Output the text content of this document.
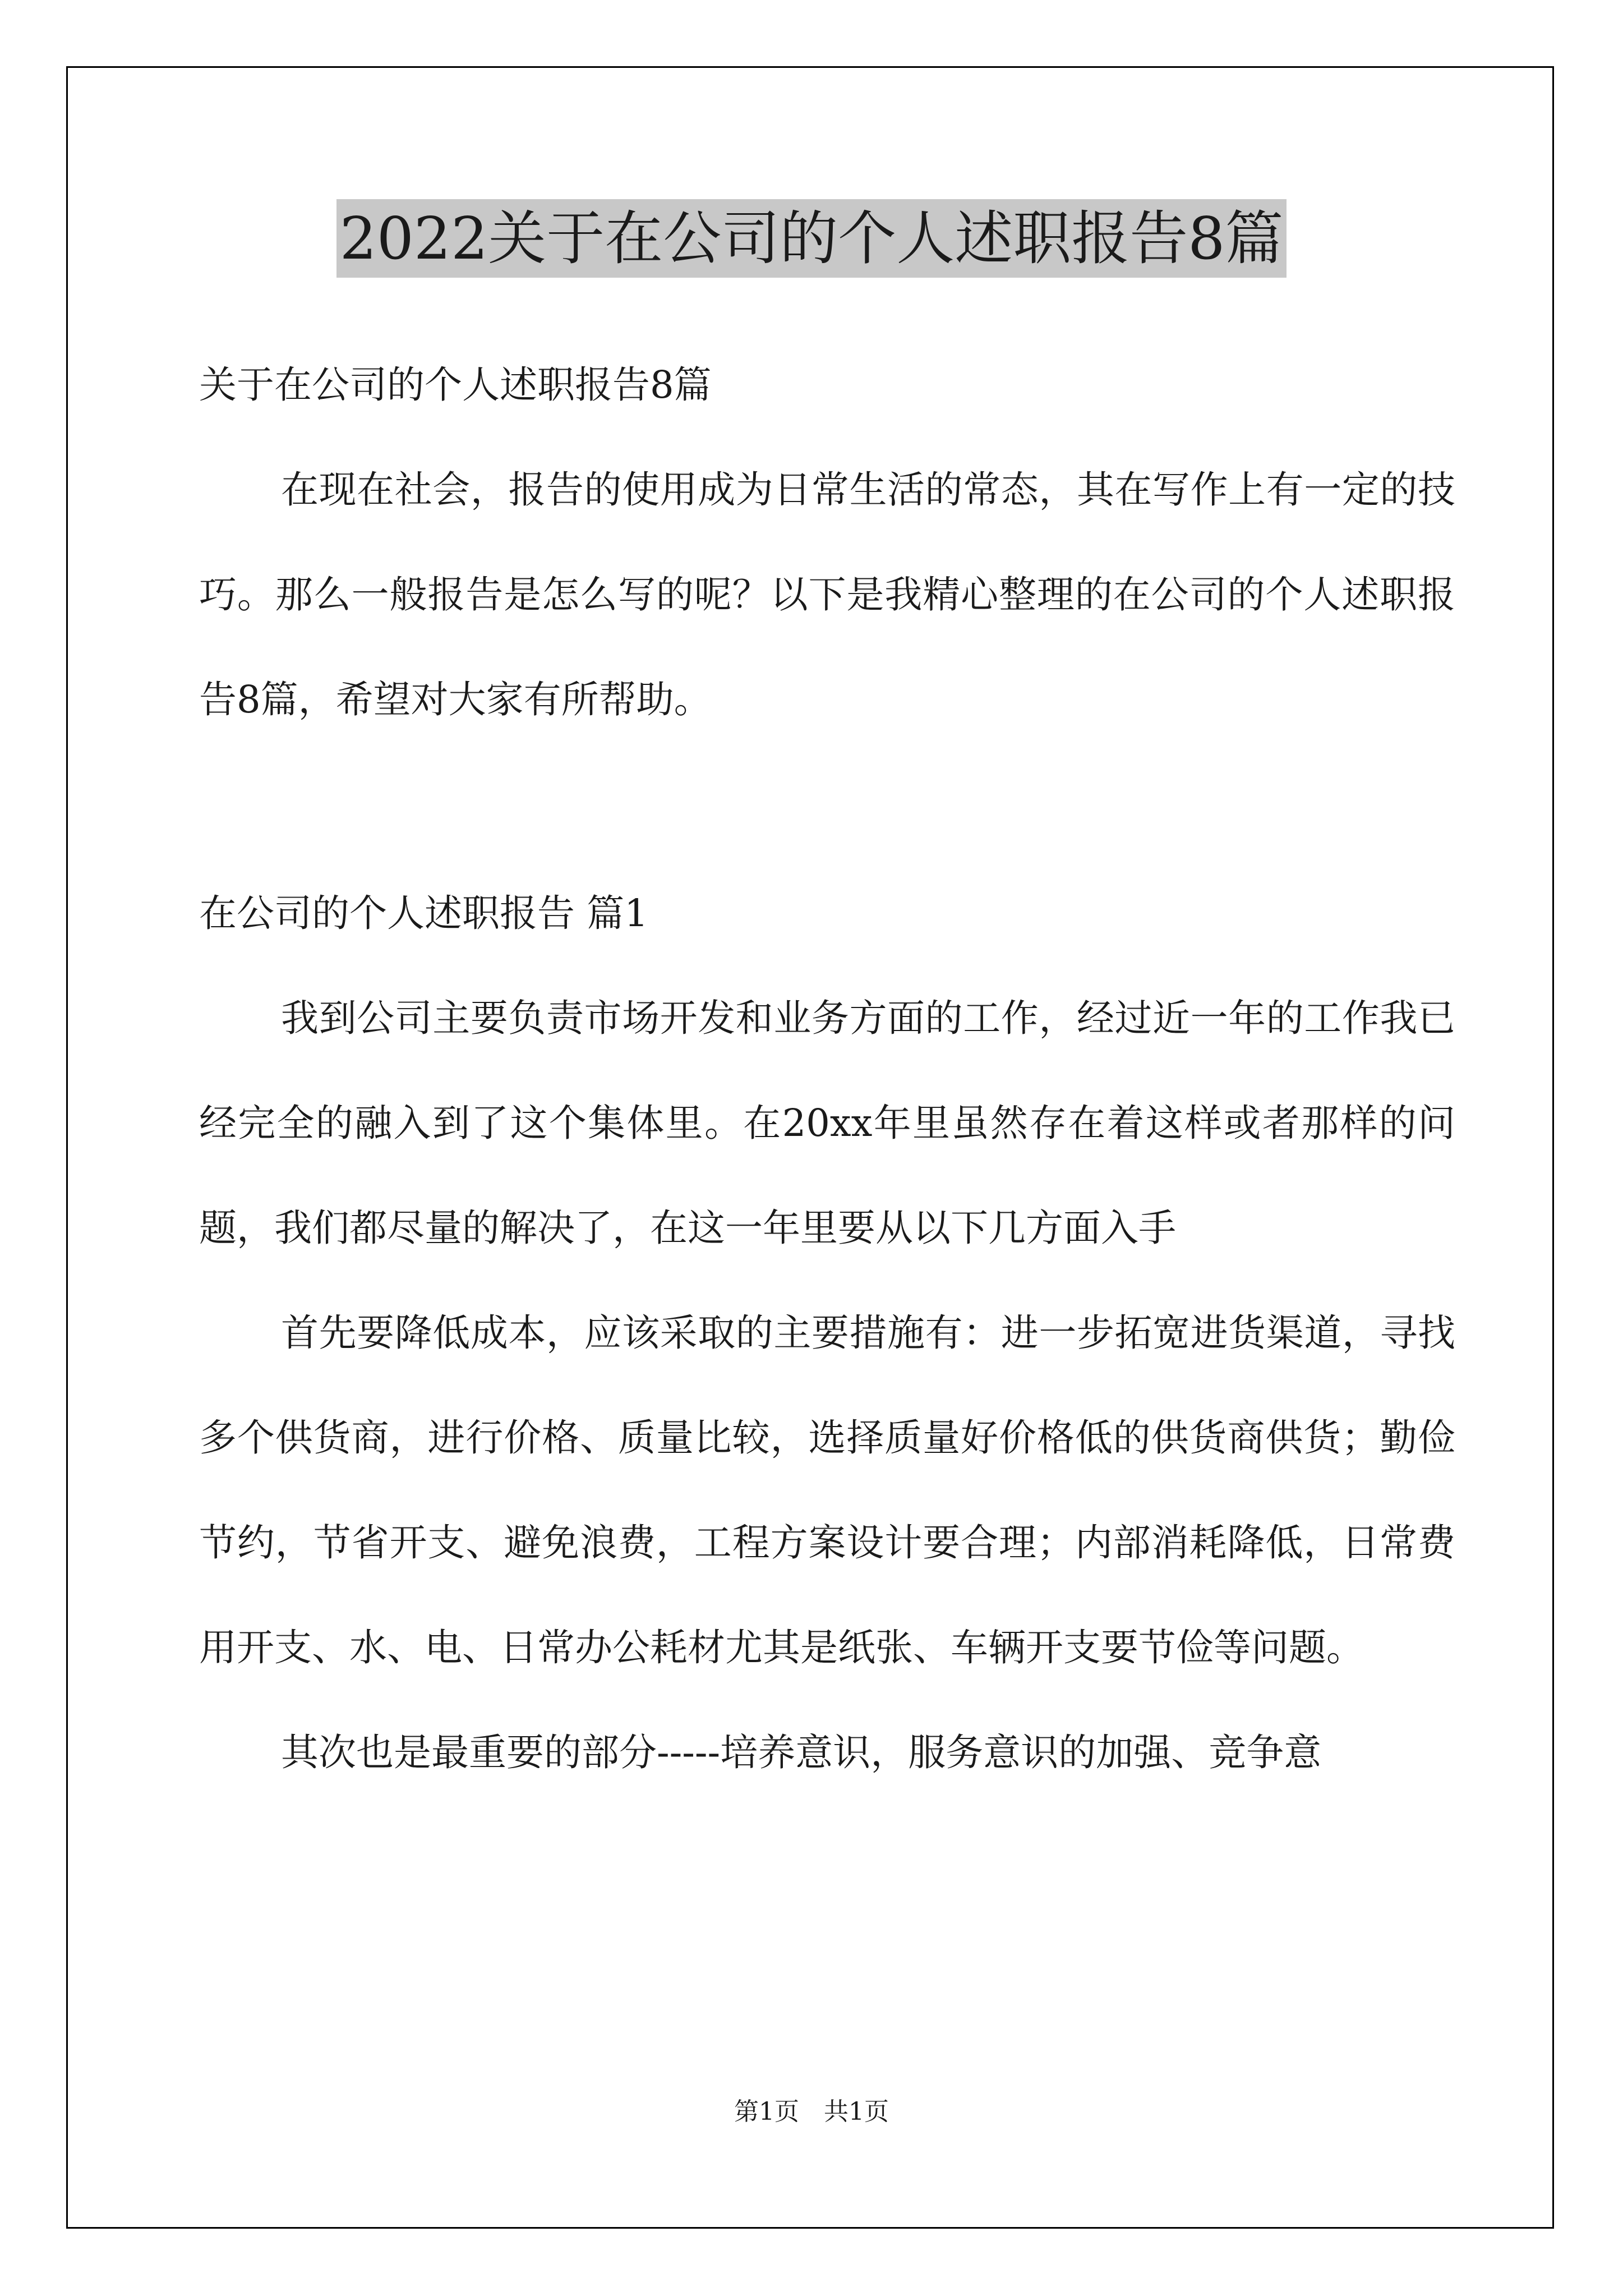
2022关于在公司的个人述职报告8篇

关于在公司的个人述职报告8篇

在现在社会，报告的使用成为日常生活的常态，其在写作上有一定的技巧。那么一般报告是怎么写的呢？以下是我精心整理的在公司的个人述职报告8篇，希望对大家有所帮助。

在公司的个人述职报告 篇1

我到公司主要负责市场开发和业务方面的工作，经过近一年的工作我已经完全的融入到了这个集体里。在20xx年里虽然存在着这样或者那样的问题，我们都尽量的解决了，在这一年里要从以下几方面入手

首先要降低成本，应该采取的主要措施有：进一步拓宽进货渠道，寻找多个供货商，进行价格、质量比较，选择质量好价格低的供货商供货；勤俭节约，节省开支、避免浪费，工程方案设计要合理；内部消耗降低，日常费用开支、水、电、日常办公耗材尤其是纸张、车辆开支要节俭等问题。

其次也是最重要的部分-----培养意识，服务意识的加强、竞争意

第1页　共1页
